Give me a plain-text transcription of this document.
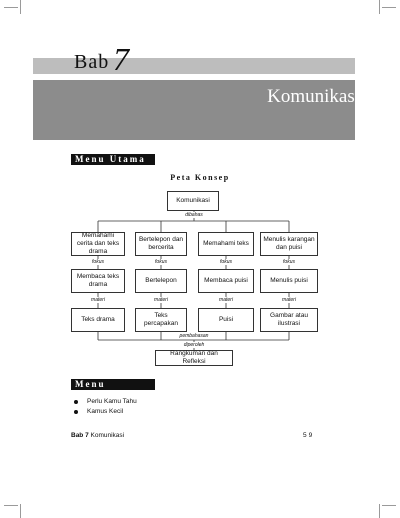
Bab 7
Komunikasi
Menu Utama
Peta Konsep
Komunikasi
dibahas
Memahami cerita dan teks drama
Bertelepon dan bercerita
Memahami teks
Menulis karangan dan puisi
fokus	fokus	fokus	fokus
Membaca teks drama
Bertelepon	Membaca puisi	Menulis puisi
materi	materi	materi	materi
Teks drama
Teks percapakan
Puisi
Gambar atau ilustrasi
pembahasan
diperoleh
Rangkuman dan Refleksi
Menu Tambahan
Perlu Kamu Tahu
Kamus Kecil
Bab 7 Komunikasi	59
